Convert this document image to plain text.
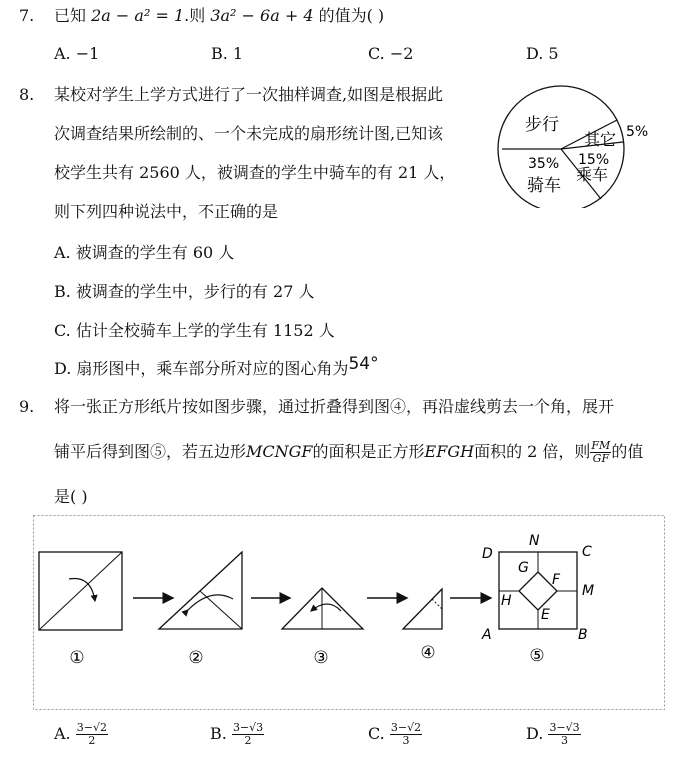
7. 已知 2a − a² = 1.则 3a² − 6a + 4 的值为( )
A. −1	B. 1	C. −2	D. 5
8. 某校对学生上学方式进行了一次抽样调查,如图是根据此
次调查结果所绘制的、一个未完成的扇形统计图,已知该
校学生共有 2560 人，被调查的学生中骑车的有 21 人，
则下列四种说法中，不正确的是
A. 被调查的学生有 60 人
B. 被调查的学生中，步行的有 27 人
C. 估计全校骑车上学的学生有 1152 人
D. 扇形图中，乘车部分所对应的图心角为54°
步行
其它 5%
35%
骑车
15%
乘车
9. 将一张正方形纸片按如图步骤，通过折叠得到图④，再沿虚线剪去一个角，展开
铺平后得到图⑤，若五边形MCNGF的面积是正方形EFGH面积的 2 倍，则 $\frac{FM}{GF}$ 的值
是( )
D
N
C
G
F
M
H
E
A	B
①	②	③	④	⑤
A. $\frac{3-√2}{2}$	B. $\frac{3-√3}{2}$	C. $\frac{3-√2}{3}$	D. $\frac{3-√3}{3}$
